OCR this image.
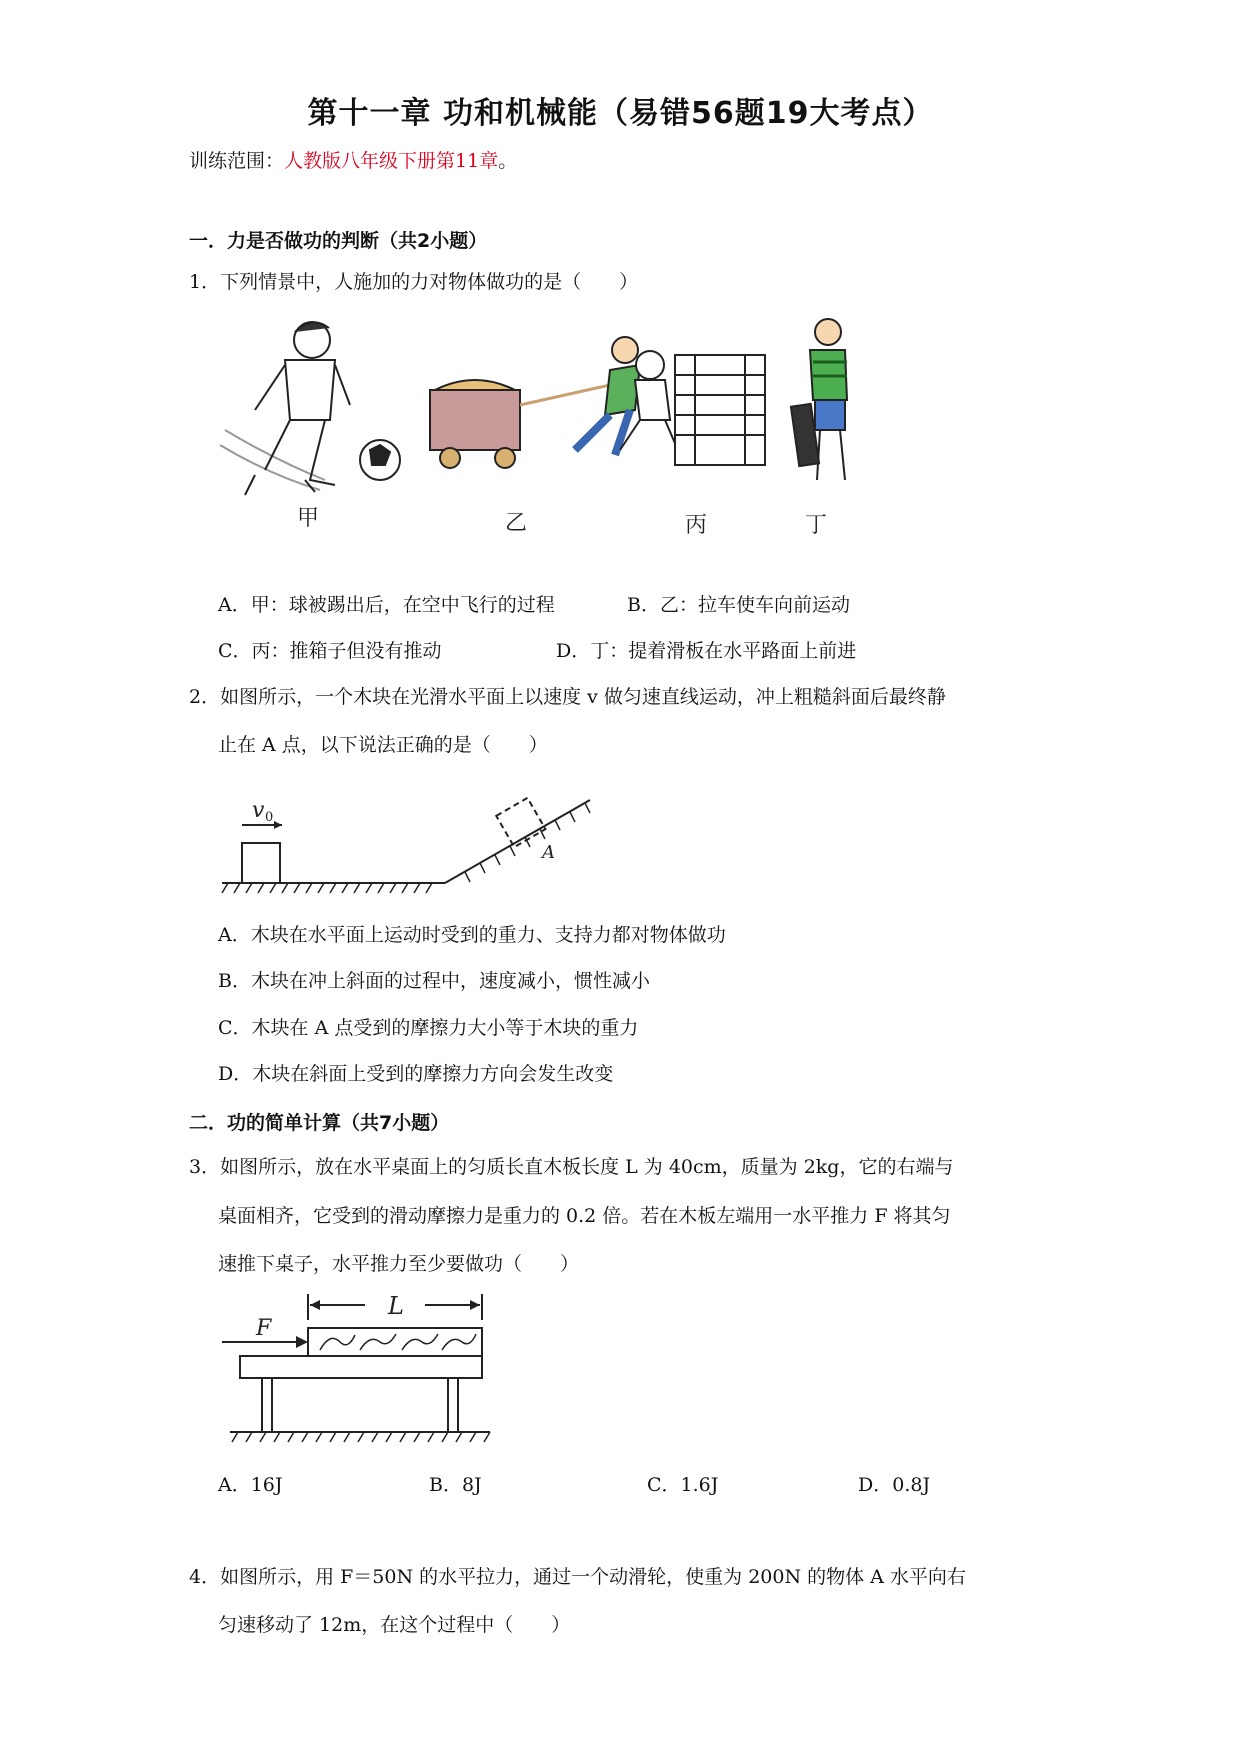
第十一章 功和机械能（易错56题19大考点）
训练范围：人教版八年级下册第11章。
一．力是否做功的判断（共2小题）
1．下列情景中，人施加的力对物体做功的是（　　）
甲	乙	丙	丁
A．甲：球被踢出后，在空中飞行的过程	B．乙：拉车使车向前运动
C．丙：推箱子但没有推动	D．丁：提着滑板在水平路面上前进
2．如图所示，一个木块在光滑水平面上以速度 v 做匀速直线运动，冲上粗糙斜面后最终静
止在 A 点，以下说法正确的是（　　）
v 0
A
A．木块在水平面上运动时受到的重力、支持力都对物体做功
B．木块在冲上斜面的过程中，速度减小，惯性减小
C．木块在 A 点受到的摩擦力大小等于木块的重力
D．木块在斜面上受到的摩擦力方向会发生改变
二．功的简单计算（共7小题）
3．如图所示，放在水平桌面上的匀质长直木板长度 L 为 40cm，质量为 2kg，它的右端与
桌面相齐，它受到的滑动摩擦力是重力的 0.2 倍。若在木板左端用一水平推力 F 将其匀
速推下桌子，水平推力至少要做功（　　）
L
F
A．16J	B．8J	C．1.6J	D．0.8J
4．如图所示，用 F＝50N 的水平拉力，通过一个动滑轮，使重为 200N 的物体 A 水平向右
匀速移动了 12m，在这个过程中（　　）
